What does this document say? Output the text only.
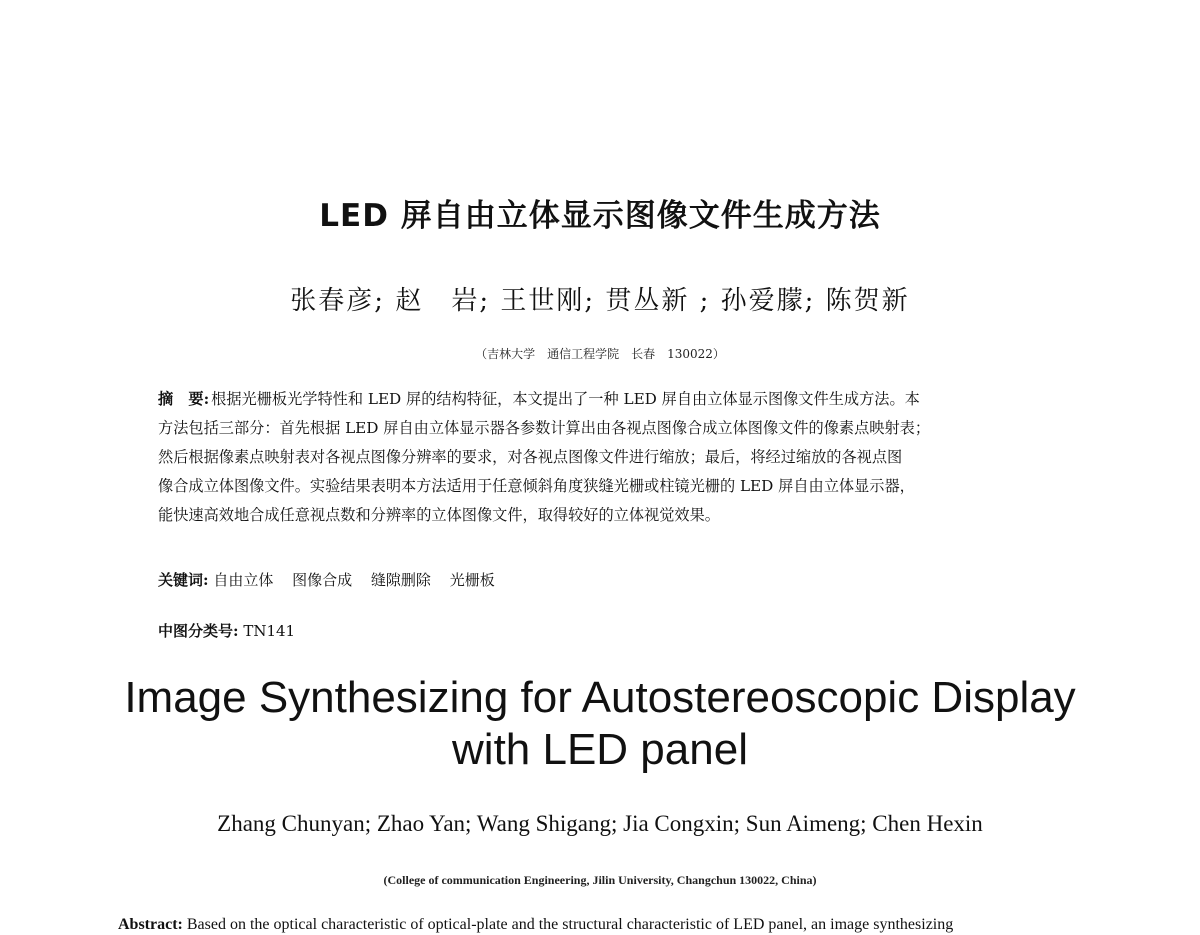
LED 屏自由立体显示图像文件生成方法
张春彦; 赵　岩; 王世刚; 贯丛新 ; 孙爱朦; 陈贺新
（吉林大学　通信工程学院　长春　130022）
摘　要: 根据光栅板光学特性和 LED 屏的结构特征，本文提出了一种 LED 屏自由立体显示图像文件生成方法。本
方法包括三部分：首先根据 LED 屏自由立体显示器各参数计算出由各视点图像合成立体图像文件的像素点映射表；
然后根据像素点映射表对各视点图像分辨率的要求，对各视点图像文件进行缩放；最后，将经过缩放的各视点图
像合成立体图像文件。实验结果表明本方法适用于任意倾斜角度狭缝光栅或柱镜光栅的 LED 屏自由立体显示器，
能快速高效地合成任意视点数和分辨率的立体图像文件，取得较好的立体视觉效果。
关键词: 自由立体 图像合成 缝隙删除 光栅板
中图分类号: TN141
Image Synthesizing for Autostereoscopic Display
with LED panel
Zhang Chunyan; Zhao Yan; Wang Shigang; Jia Congxin; Sun Aimeng; Chen Hexin
(College of communication Engineering, Jilin University, Changchun 130022, China)
Abstract: Based on the optical characteristic of optical-plate and the structural characteristic of LED panel, an image synthesizing
